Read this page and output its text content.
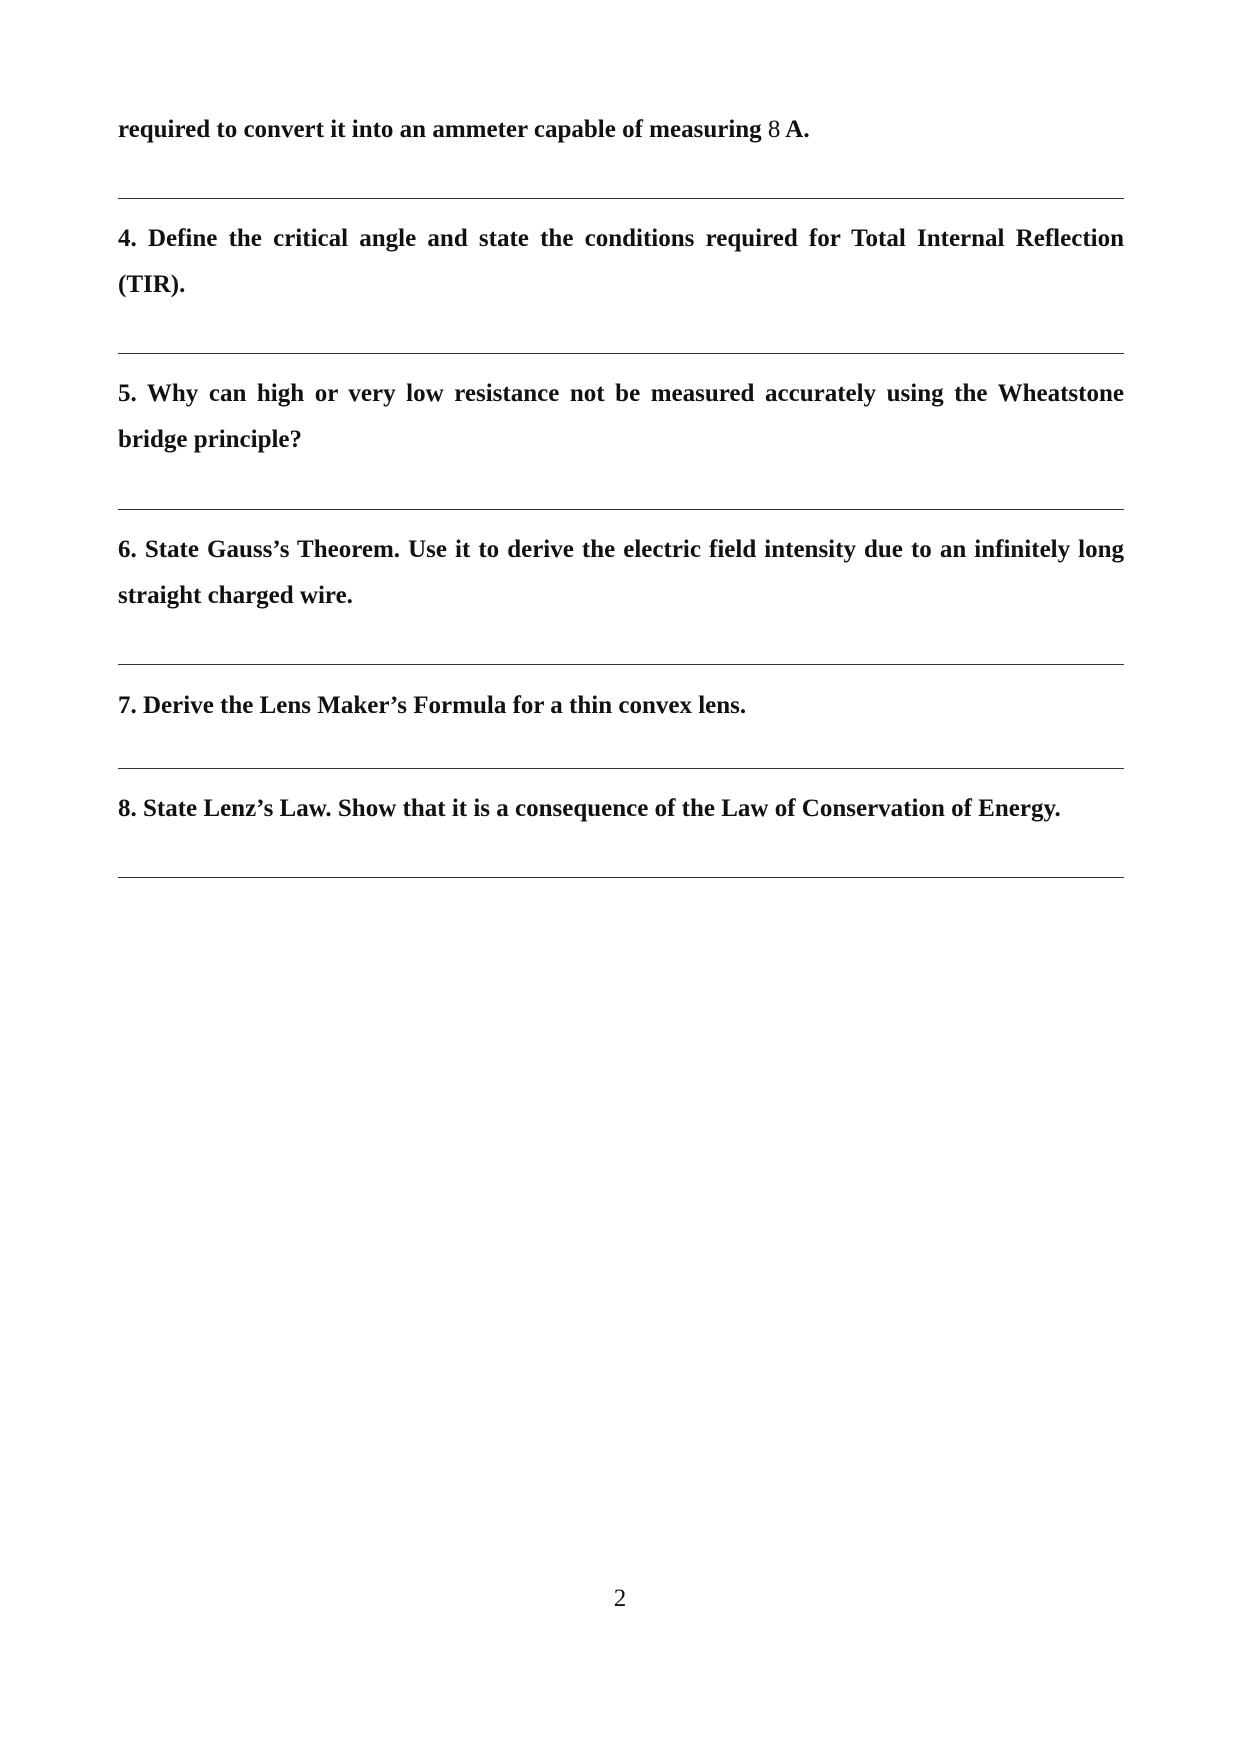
required to convert it into an ammeter capable of measuring 8 A.

4. Define the critical angle and state the conditions required for Total Internal Reflection (TIR).

5. Why can high or very low resistance not be measured accurately using the Wheatstone bridge principle?

6. State Gauss’s Theorem. Use it to derive the electric field intensity due to an infinitely long straight charged wire.

7. Derive the Lens Maker’s Formula for a thin convex lens.

8. State Lenz’s Law. Show that it is a consequence of the Law of Conservation of Energy.

2
